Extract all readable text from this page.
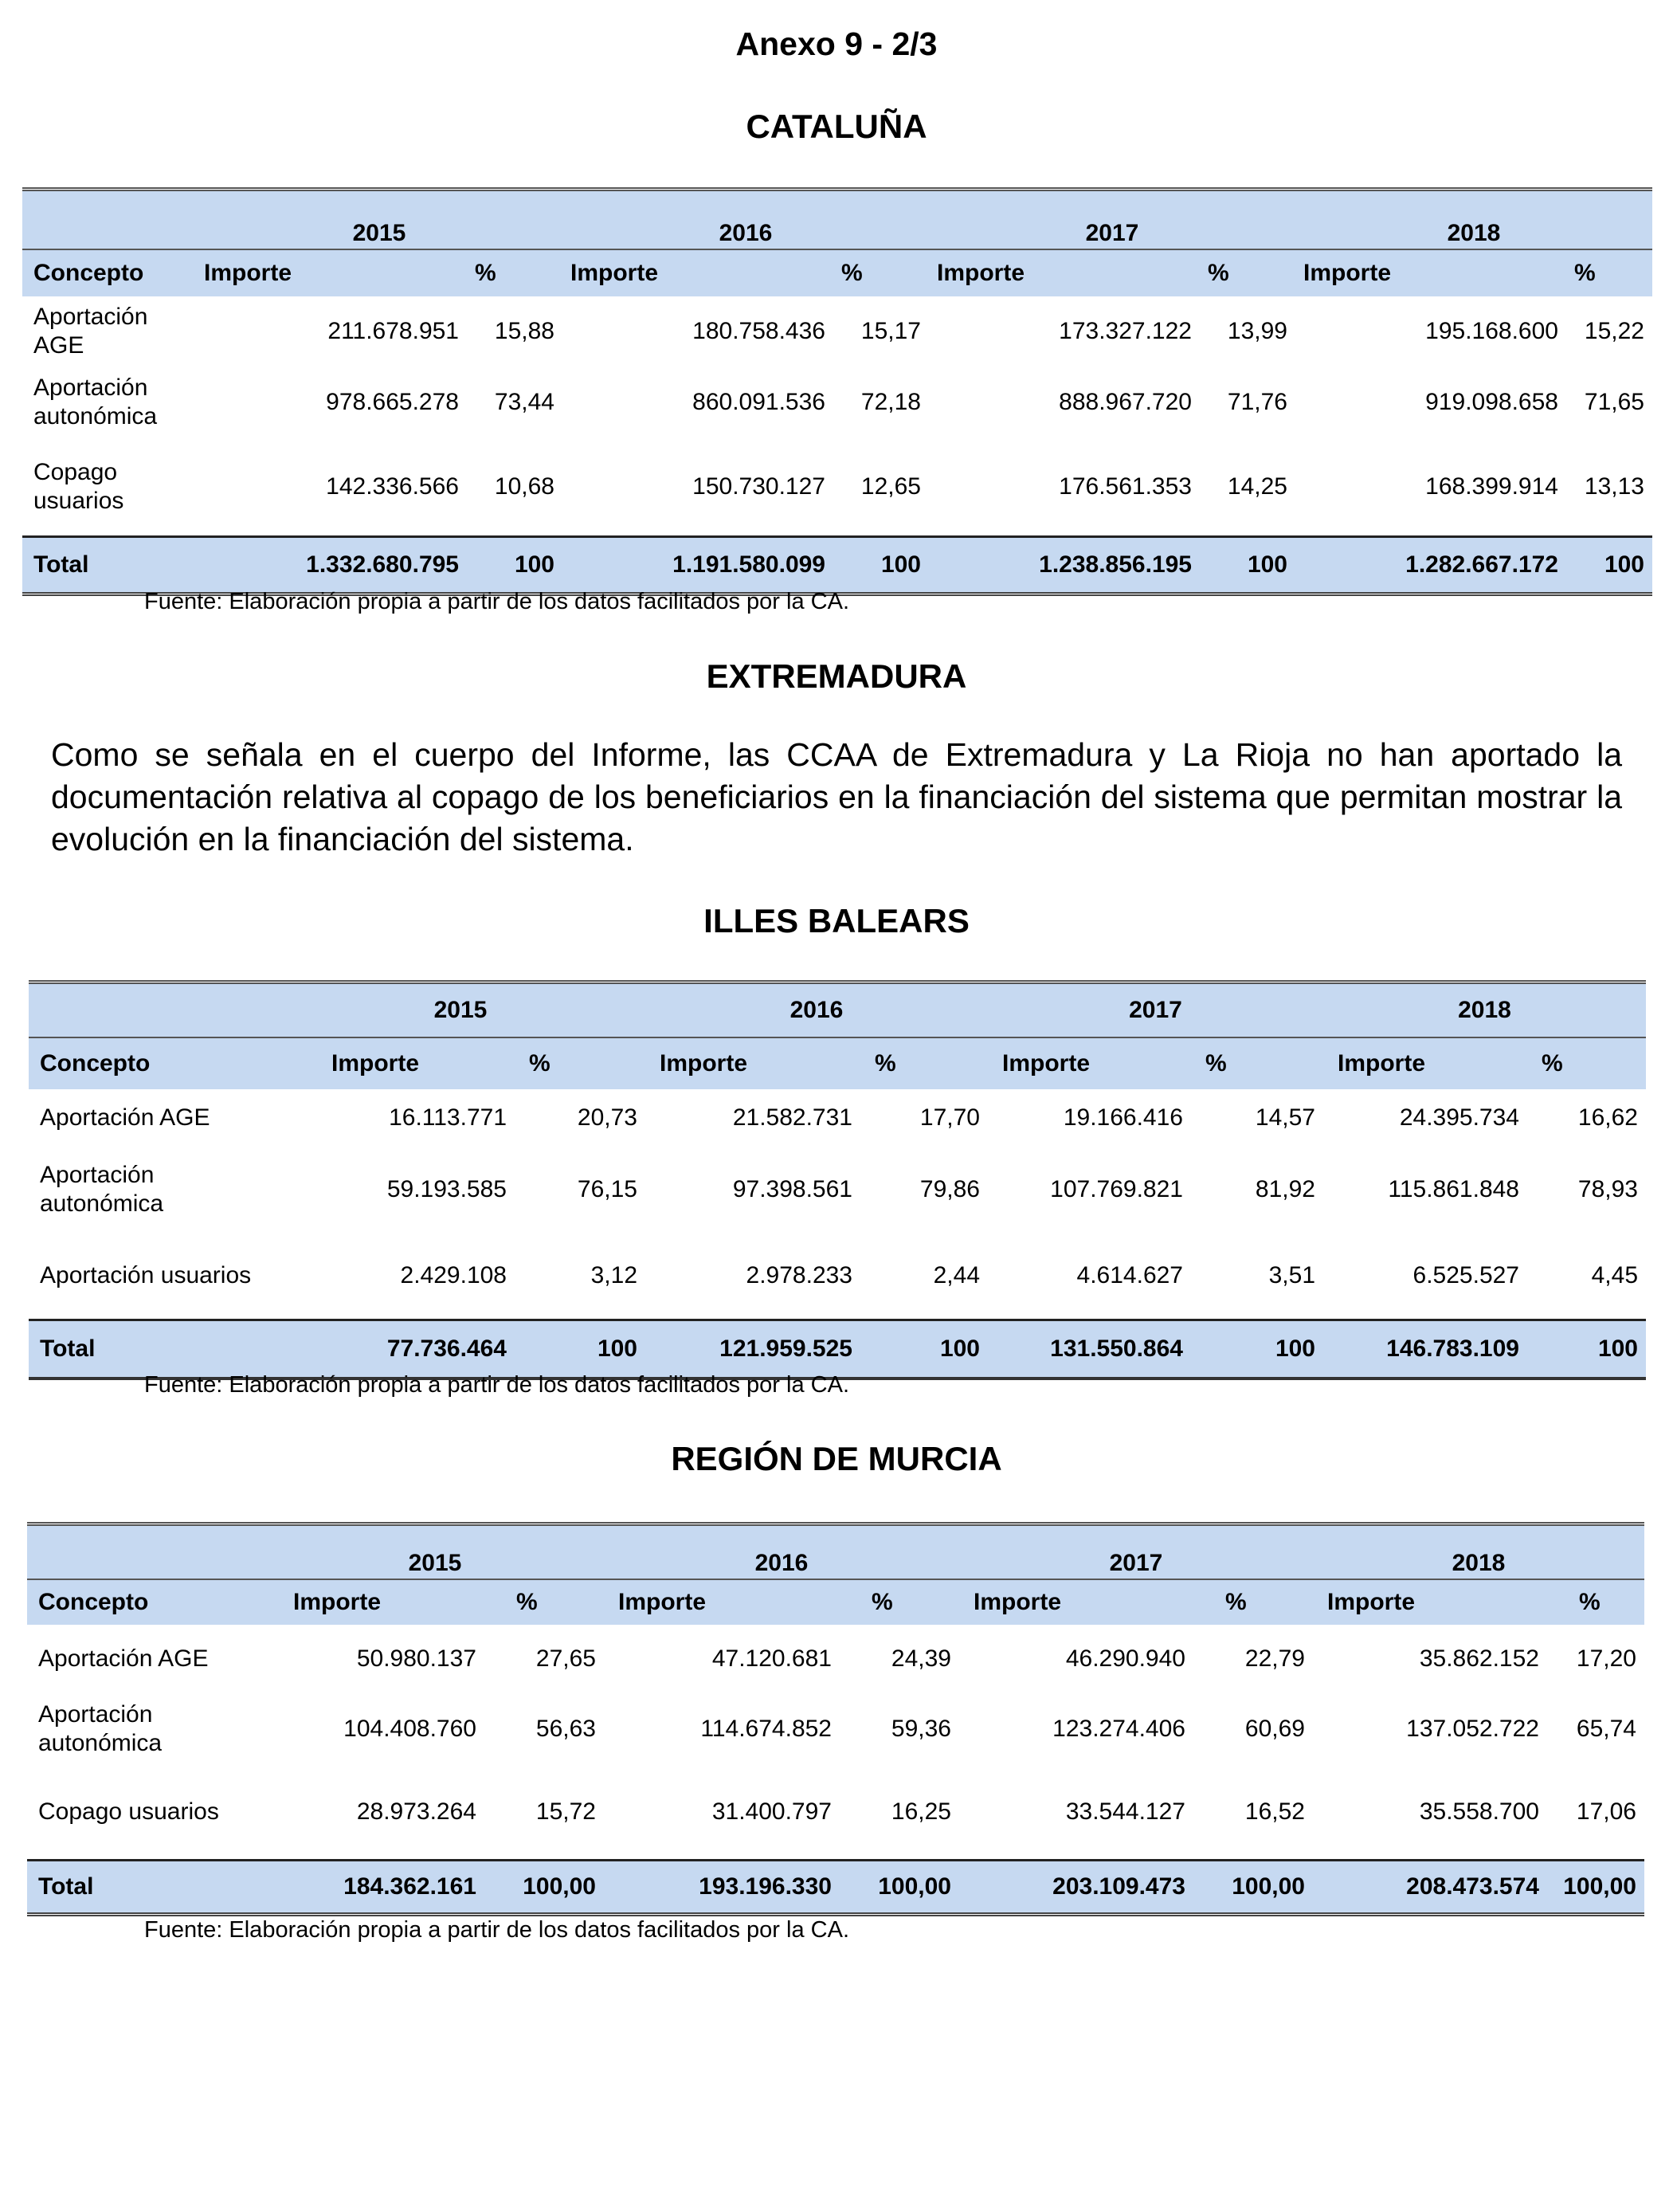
Anexo 9 - 2/3
CATALUÑA
	2015		2016		2017		2018	
Concepto	Importe	%	Importe	%	Importe	%	Importe	%
Aportación AGE	211.678.951	15,88	180.758.436	15,17	173.327.122	13,99	195.168.600	15,22
Aportación autonómica	978.665.278	73,44	860.091.536	72,18	888.967.720	71,76	919.098.658	71,65
Copago usuarios	142.336.566	10,68	150.730.127	12,65	176.561.353	14,25	168.399.914	13,13
Total	1.332.680.795	100	1.191.580.099	100	1.238.856.195	100	1.282.667.172	100
Fuente: Elaboración propia a partir de los datos facilitados por la CA.
EXTREMADURA
Como se señala en el cuerpo del Informe, las CCAA de Extremadura y La Rioja no han aportado la documentación relativa al copago de los beneficiarios en la financiación del sistema que permitan mostrar la evolución en la financiación del sistema.
ILLES BALEARS
	2015		2016		2017		2018	
Concepto	Importe	%	Importe	%	Importe	%	Importe	%
Aportación AGE	16.113.771	20,73	21.582.731	17,70	19.166.416	14,57	24.395.734	16,62
Aportación autonómica	59.193.585	76,15	97.398.561	79,86	107.769.821	81,92	115.861.848	78,93
Aportación usuarios	2.429.108	3,12	2.978.233	2,44	4.614.627	3,51	6.525.527	4,45
Total	77.736.464	100	121.959.525	100	131.550.864	100	146.783.109	100
Fuente: Elaboración propia a partir de los datos facilitados por la CA.
REGIÓN DE MURCIA
	2015		2016		2017		2018	
Concepto	Importe	%	Importe	%	Importe	%	Importe	%
Aportación AGE	50.980.137	27,65	47.120.681	24,39	46.290.940	22,79	35.862.152	17,20
Aportación autonómica	104.408.760	56,63	114.674.852	59,36	123.274.406	60,69	137.052.722	65,74
Copago usuarios	28.973.264	15,72	31.400.797	16,25	33.544.127	16,52	35.558.700	17,06
Total	184.362.161	100,00	193.196.330	100,00	203.109.473	100,00	208.473.574	100,00
Fuente: Elaboración propia a partir de los datos facilitados por la CA.
